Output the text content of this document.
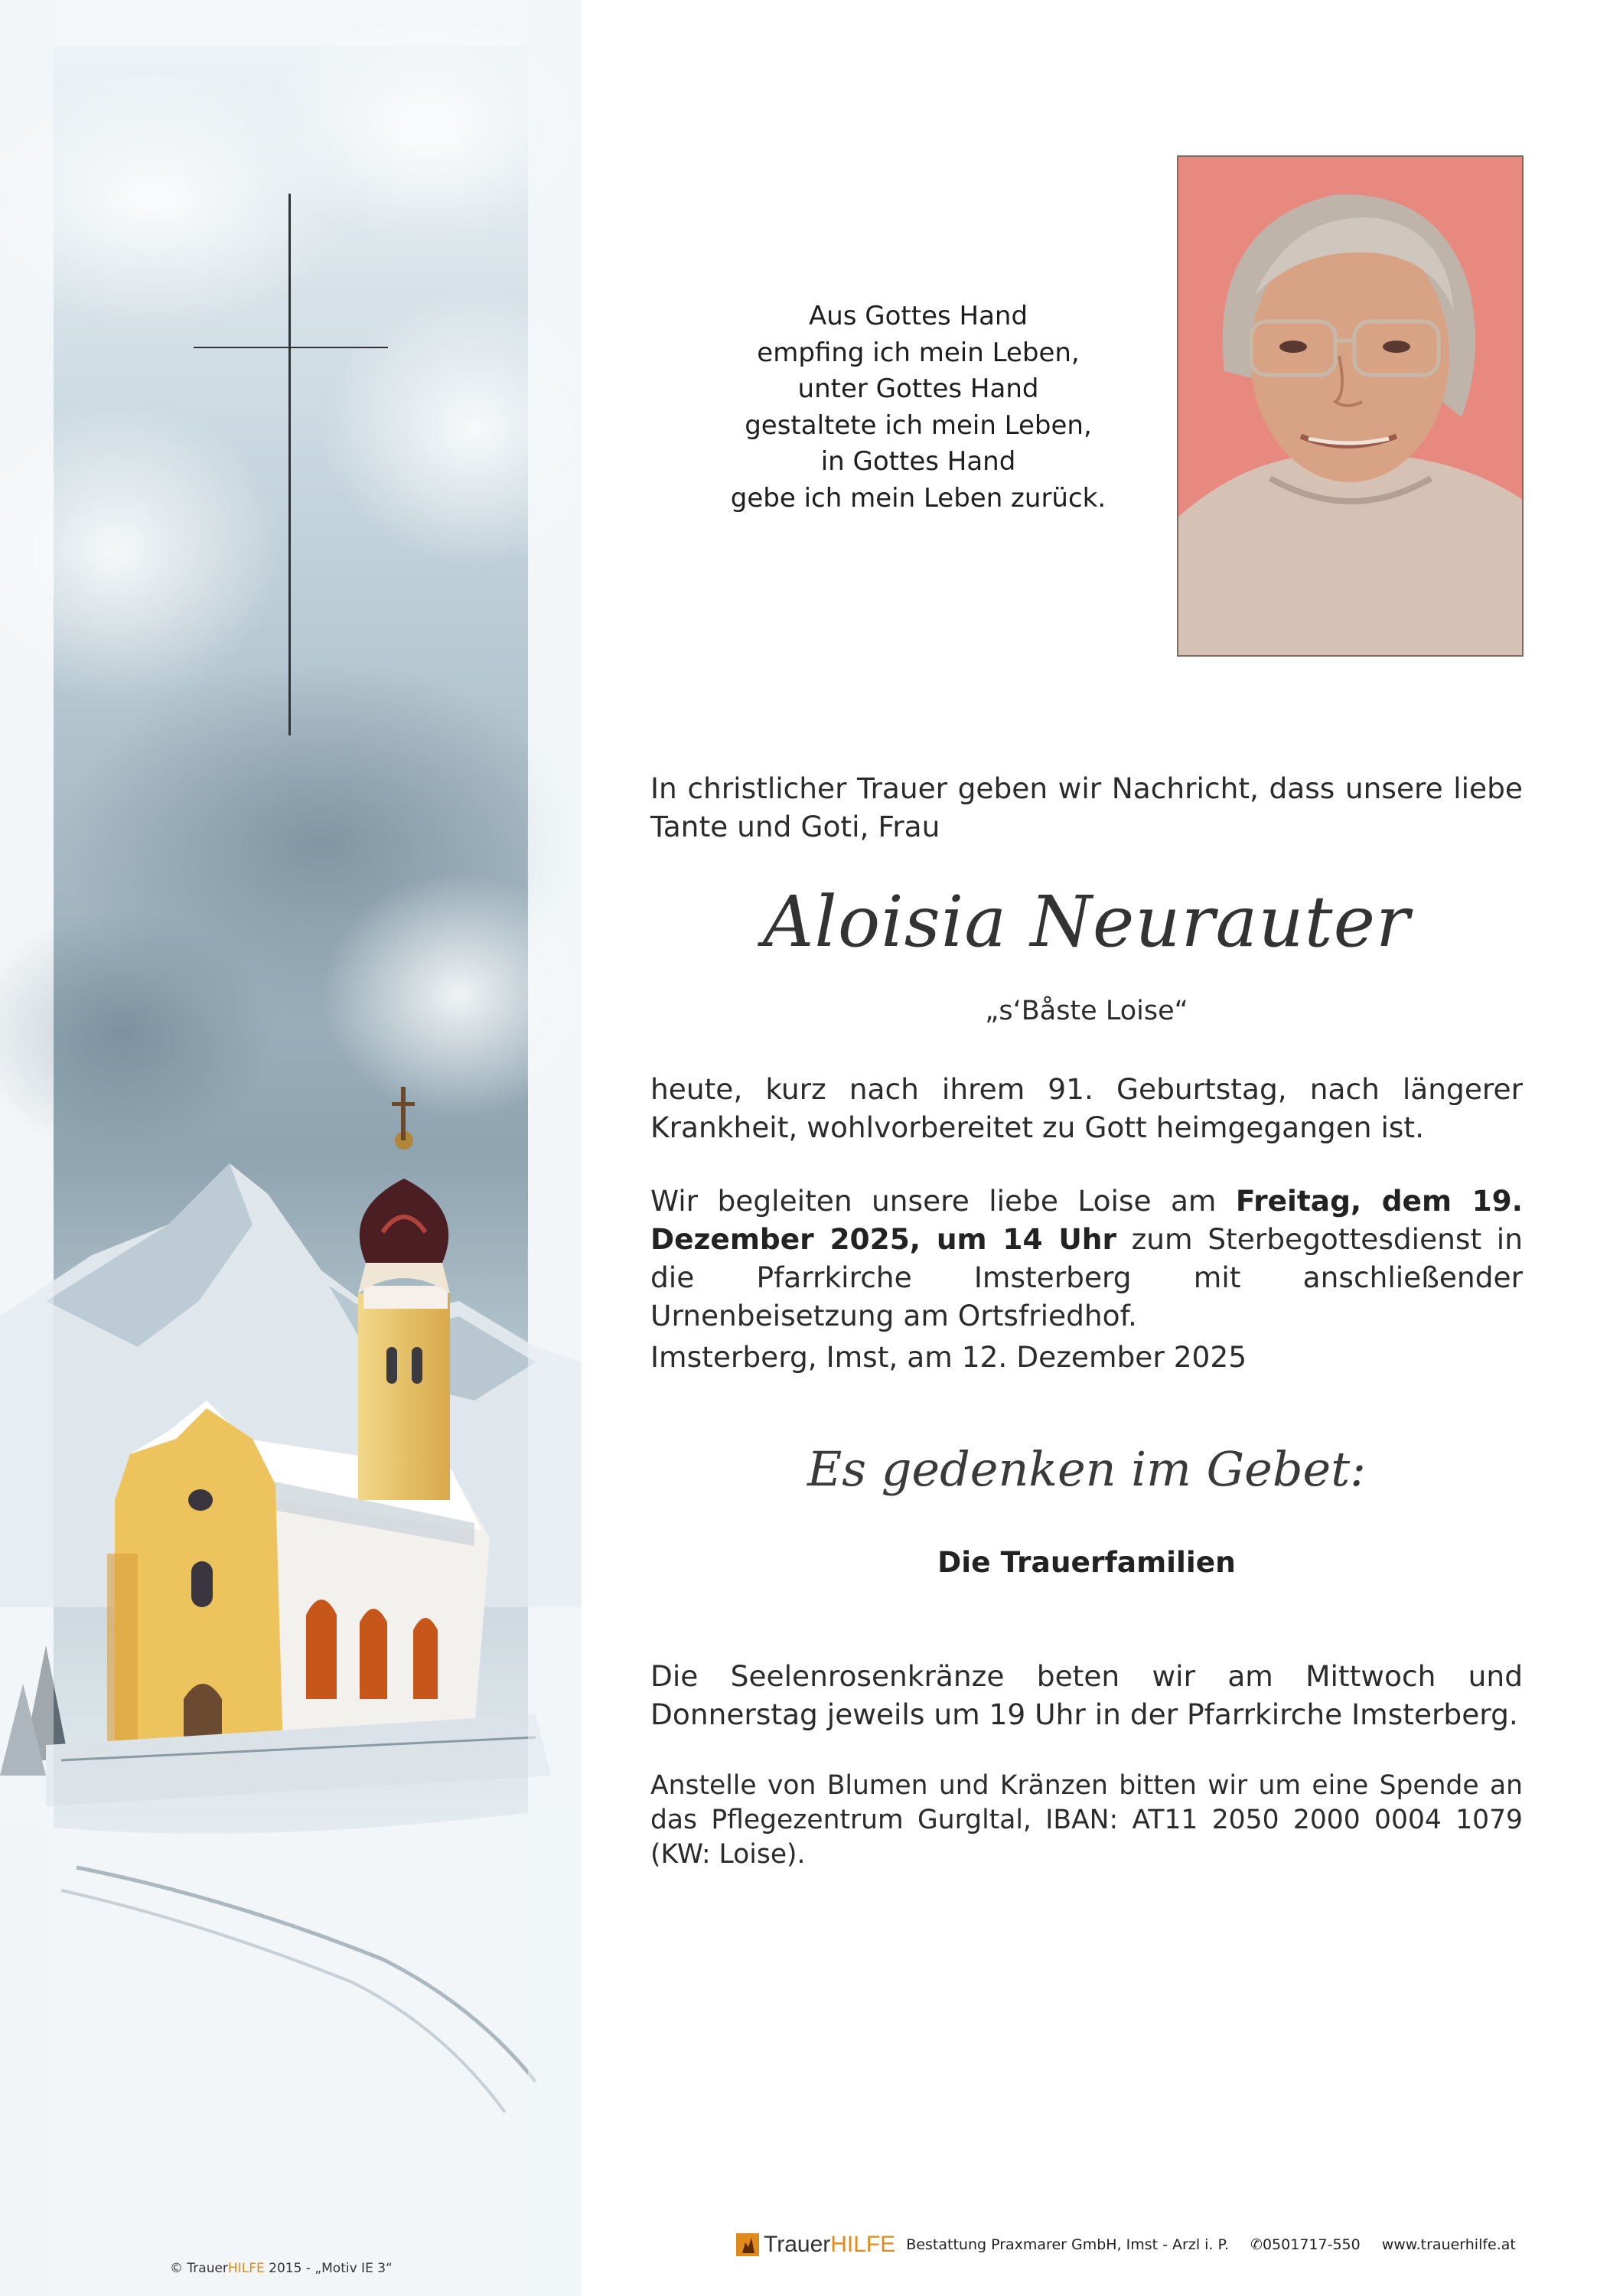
Aus Gottes Hand
empfing ich mein Leben,
unter Gottes Hand
gestaltete ich mein Leben,
in Gottes Hand
gebe ich mein Leben zurück.
In christlicher Trauer geben wir Nachricht, dass unsere liebe Tante und Goti, Frau
Aloisia Neurauter
„s‘Båste Loise“
heute, kurz nach ihrem 91. Geburtstag, nach längerer Krankheit, wohlvorbereitet zu Gott heimgegangen ist.
Wir begleiten unsere liebe Loise am Freitag, dem 19. Dezember 2025, um 14 Uhr zum Sterbegottesdienst in die Pfarrkirche Imsterberg mit anschließender Urnenbeisetzung am Ortsfriedhof.
Imsterberg, Imst, am 12. Dezember 2025
Es gedenken im Gebet:
Die Trauerfamilien
Die Seelenrosenkränze beten wir am Mittwoch und Donnerstag jeweils um 19 Uhr in der Pfarrkirche Imsterberg.
Anstelle von Blumen und Kränzen bitten wir um eine Spende an das Pflegezentrum Gurgltal, IBAN: AT11 2050 2000 0004 1079 (KW: Loise).
Trauer HILFE Bestattung Praxmarer GmbH, Imst - Arzl i. P. ✆0501717-550 www.trauerhilfe.at
© TrauerHILFE 2015 - „Motiv IE 3“
